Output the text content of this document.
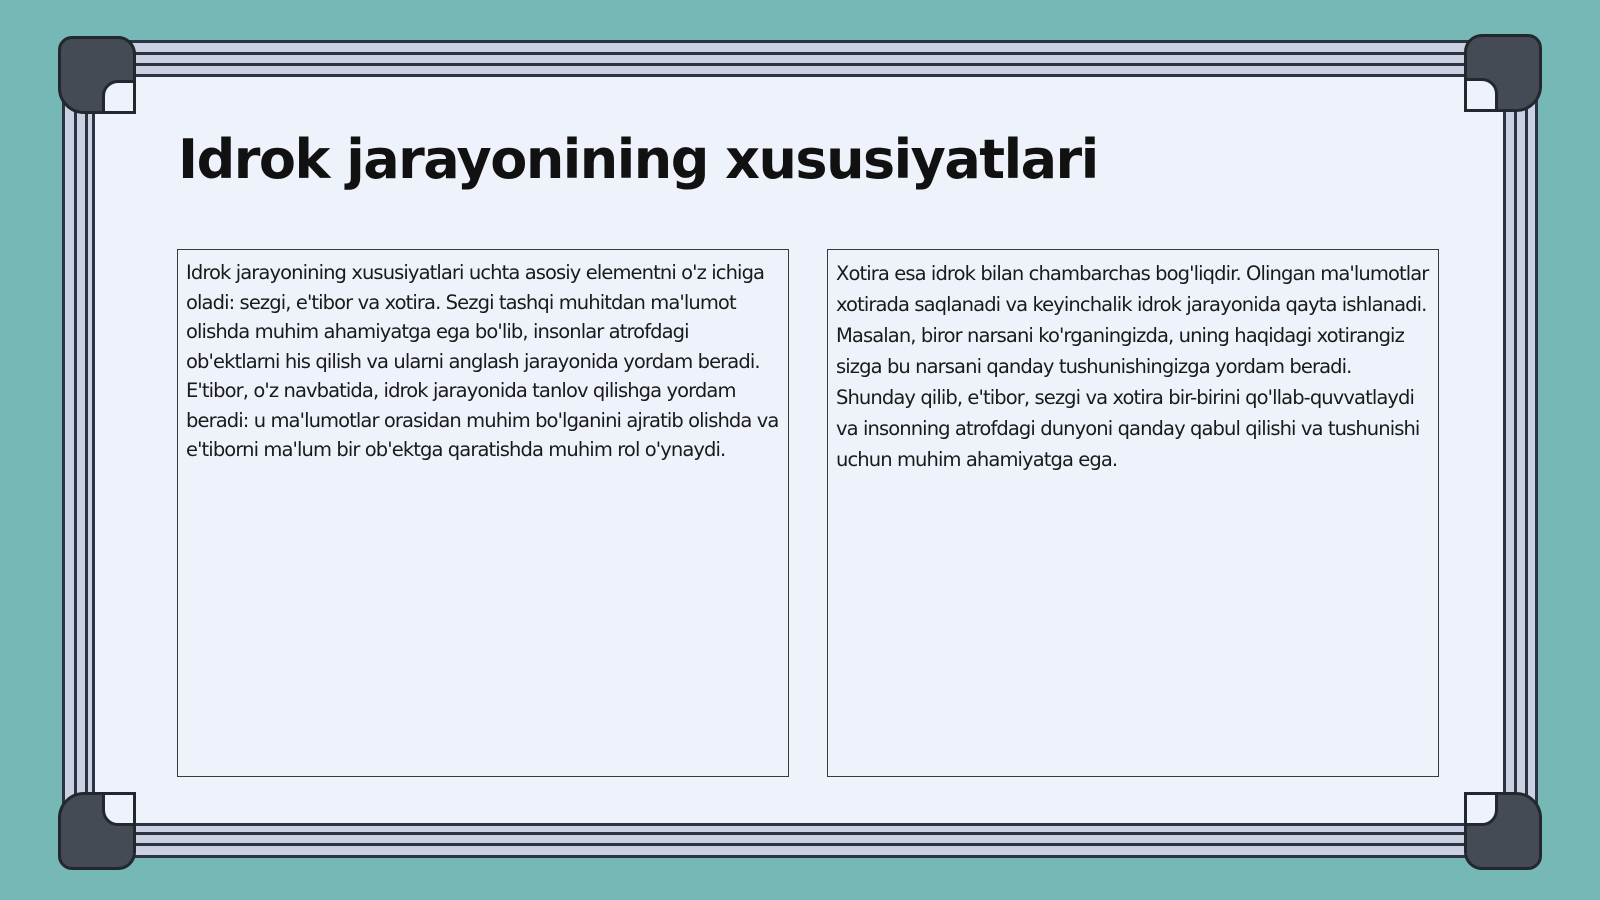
Idrok jarayonining xususiyatlari

Idrok jarayonining xususiyatlari uchta asosiy elementni o'z ichiga oladi: sezgi, e'tibor va xotira. Sezgi tashqi muhitdan ma'lumot olishda muhim ahamiyatga ega bo'lib, insonlar atrofdagi ob'ektlarni his qilish va ularni anglash jarayonida yordam beradi. E'tibor, o'z navbatida, idrok jarayonida tanlov qilishga yordam beradi: u ma'lumotlar orasidan muhim bo'lganini ajratib olishda va e'tiborni ma'lum bir ob'ektga qaratishda muhim rol o'ynaydi.

Xotira esa idrok bilan chambarchas bog'liqdir. Olingan ma'lumotlar xotirada saqlanadi va keyinchalik idrok jarayonida qayta ishlanadi. Masalan, biror narsani ko'rganingizda, uning haqidagi xotirangiz sizga bu narsani qanday tushunishingizga yordam beradi. Shunday qilib, e'tibor, sezgi va xotira bir-birini qo'llab-quvvatlaydi va insonning atrofdagi dunyoni qanday qabul qilishi va tushunishi uchun muhim ahamiyatga ega.
